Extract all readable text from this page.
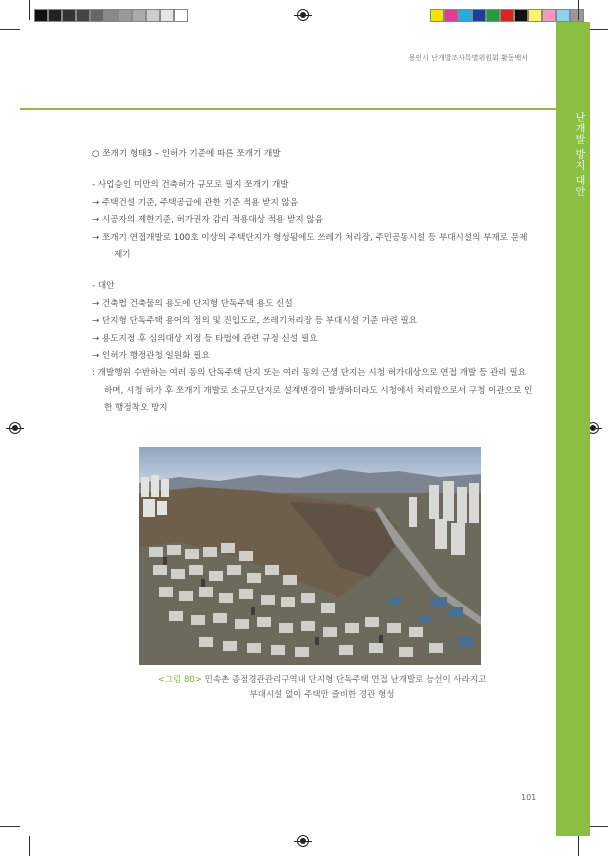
난개발 방지 대안
용인시 난개발조사특별위원회 활동백서

○ 쪼개기 형태3 – 인허가 기준에 따른 쪼개기 개발

- 사업승인 미만의 건축허가 규모로 필지 쪼개기 개발

→ 주택건설 기준, 주택공급에 관한 기준 적용 받지 않음

→ 시공자의 제한기준, 허가권자 감리 적용대상 적용 받지 않음

→ 쪼개기 연접개발로 100호 이상의 주택단지가 형성됨에도 쓰레기 처리장, 주민공동시설 등 부대시설의 부재로 문제

제기

- 대안

→ 건축법 건축물의 용도에 단지형 단독주택 용도 신설

→ 단지형 단독주택 용어의 정의 및 진입도로, 쓰레기처리장 등 부대시설 기준 마련 필요

→ 용도지정 후 심의대상 지정 등 타법에 관련 규정 신설 필요

→ 인허가 행정관청 일원화 필요

: 개발행위 수반하는 여러 동의 단독주택 단지 또는 여러 동의 근생 단지는 시청 허가대상으로 연접 개발 등 관리 필요

하며, 시청 허가 후 쪼개기 개발로 소규모단지로 설계변경이 발생하더라도 시청에서 처리함으로서 구청 이관으로 인

한 행정착오 방지

<그림 80> 민속촌 종점경관관리구역내 단지형 단독주택 연접 난개발로 능선이 사라지고
부대시설 없이 주택만 즐비한 경관 형성
101
